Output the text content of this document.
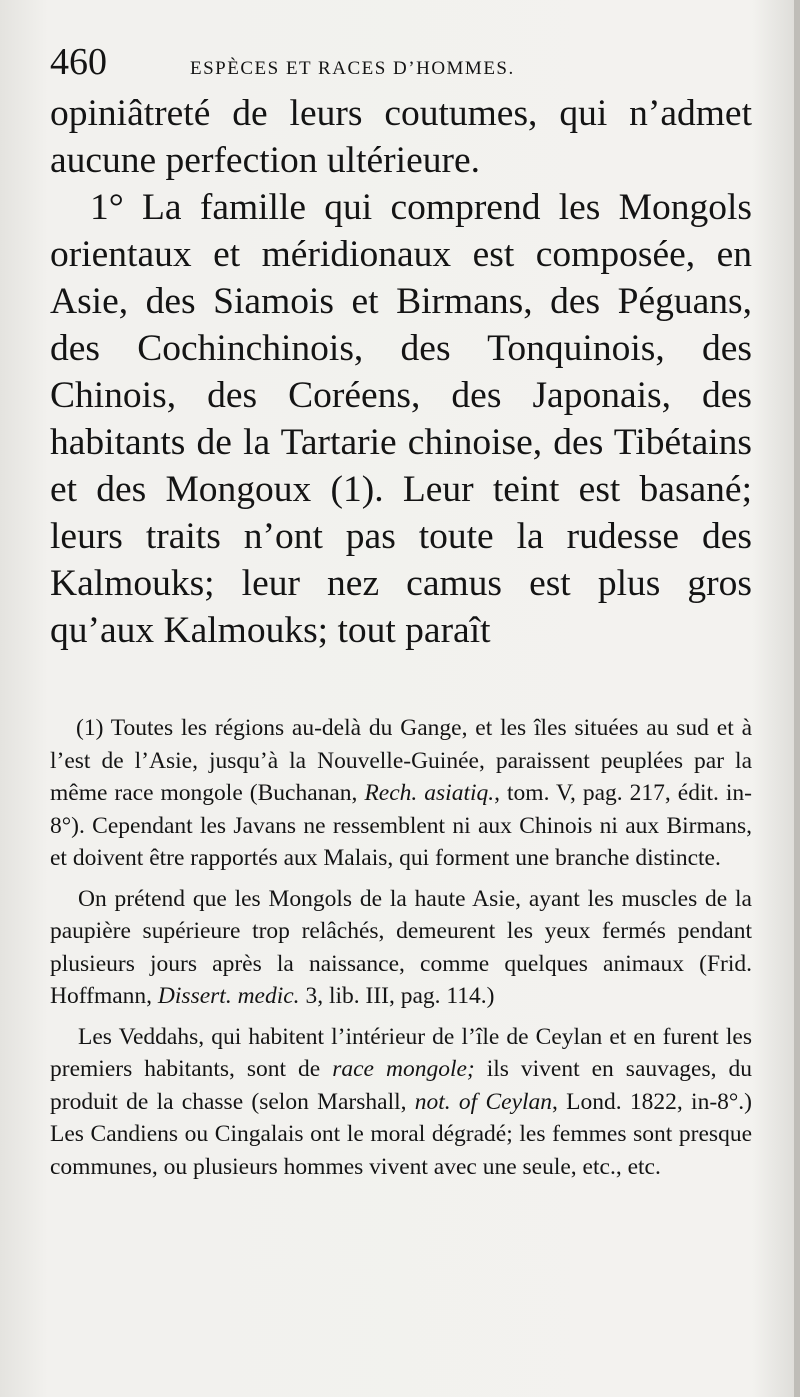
460	ESPÈCES ET RACES D’HOMMES.

opiniâtreté de leurs coutumes, qui n’admet aucune perfection ultérieure.

1° La famille qui comprend les Mongols orientaux et méridionaux est composée, en Asie, des Siamois et Birmans, des Péguans, des Cochinchinois, des Tonquinois, des Chinois, des Coréens, des Japonais, des habitants de la Tartarie chinoise, des Tibétains et des Mongoux (1). Leur teint est basané; leurs traits n’ont pas toute la rudesse des Kalmouks; leur nez camus est plus gros qu’aux Kalmouks; tout paraît

(1) Toutes les régions au-delà du Gange, et les îles situées au sud et à l’est de l’Asie, jusqu’à la Nouvelle-Guinée, paraissent peuplées par la même race mongole (Buchanan, Rech. asiatiq., tom. V, pag. 217, édit. in-8°). Cependant les Javans ne ressemblent ni aux Chinois ni aux Birmans, et doivent être rapportés aux Malais, qui forment une branche distincte.

On prétend que les Mongols de la haute Asie, ayant les muscles de la paupière supérieure trop relâchés, demeurent les yeux fermés pendant plusieurs jours après la naissance, comme quelques animaux (Frid. Hoffmann, Dissert. medic. 3, lib. III, pag. 114.)

Les Veddahs, qui habitent l’intérieur de l’île de Ceylan et en furent les premiers habitants, sont de race mongole; ils vivent en sauvages, du produit de la chasse (selon Marshall, not. of Ceylan, Lond. 1822, in-8°.) Les Candiens ou Cingalais ont le moral dégradé; les femmes sont presque communes, ou plusieurs hommes vivent avec une seule, etc., etc.
